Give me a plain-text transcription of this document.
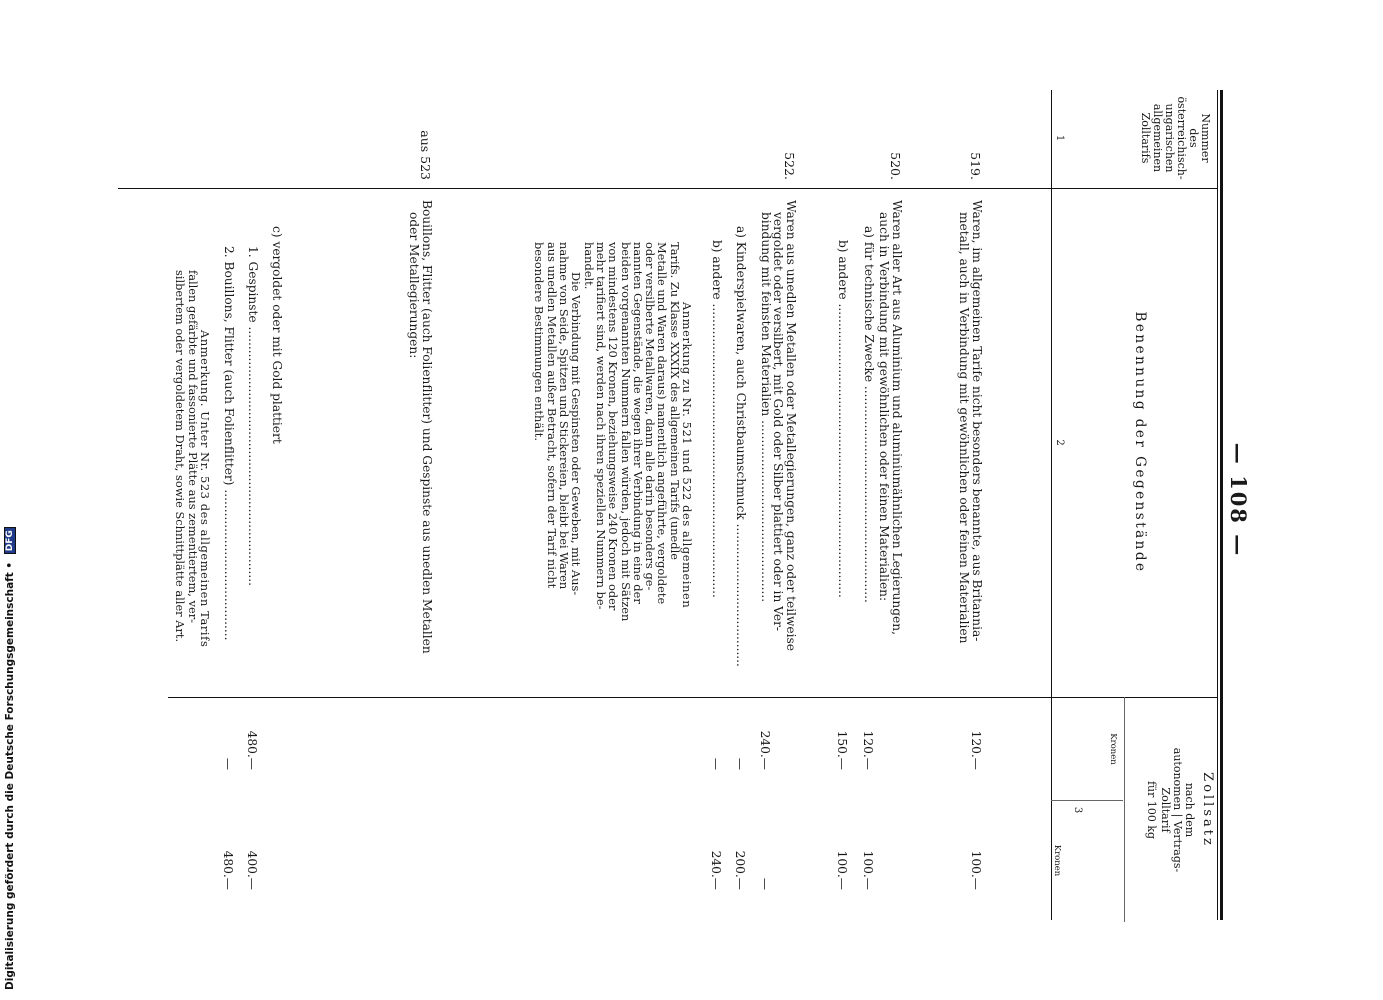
— 108 —
Nummer
des
österreichisch-
ungarischen
allgemeinen
Zolltarifs
1
Benennung der Gegenstände
2
Zollsatz
nach dem
autonomen | Vertrags-
Zolltarif
für 100 kg
Kronen
Kronen
3
519.
Waren, im allgemeinen Tarife nicht besonders benannte, aus Britannia-
metall, auch in Verbindung mit gewöhnlichen oder feinen Materialien
120.—
100.—
520.
Waren aller Art aus Aluminium und aluminiumähnlichen Legierungen,
auch in Verbindung mit gewöhnlichen oder feinen Materialien:
a) für technische Zwecke ........................................................
120.—
100.—
b) andere ............................................................................
150.—
100.—
522.
Waren aus unedlen Metallen oder Metallegierungen, ganz oder teilweise
vergoldet oder versilbert, mit Gold oder Silber plattiert oder in Ver-
bindung mit feinsten Materialien ...............................................
240.—
—
a) Kinderspielwaren, auch Christbaumschmuck .....................................
—
200.—
b) andere ............................................................................
—
240.—
Anmerkung zu Nr. 521 und 522 des allgemeinen
Tarifs. Zu Klasse XXXIX des allgemeinen Tarifs (unedle
Metalle und Waren daraus) namentlich angeführte, vergoldete
oder versilberte Metallwaren, dann alle darin besonders ge-
nannten Gegenstände, die wegen ihrer Verbindung in eine der
beiden vorgenannten Nummern fallen würden, jedoch mit Sätzen
von mindestens 120 Kronen, beziehungsweise 240 Kronen oder
mehr tarifiert sind, werden nach ihren speziellen Nummern be-
handelt.
Die Verbindung mit Gespinsten oder Geweben, mit Aus-
nahme von Seide, Spitzen und Stickereien, bleibt bei Waren
aus unedlen Metallen außer Betracht, sofern der Tarif nicht
besondere Bestimmungen enthält.
aus 523
Bouillons, Flitter (auch Folienflitter) und Gespinste aus unedlen Metallen
oder Metallegierungen:
c) vergoldet oder mit Gold plattiert
1. Gespinste ...................................................................
480.—
400.—
2. Bouillons, Flitter (auch Folienflitter) .......................................
—
480.—
Anmerkung. Unter Nr. 523 des allgemeinen Tarifs
fallen gefärbte und fassonierte Plätte aus zementiertem, ver-
silbertem oder vergoldetem Draht, sowie Schnittplätte aller Art.
Digitalisierung gefördert durch die Deutsche Forschungsgemeinschaft • DFG
